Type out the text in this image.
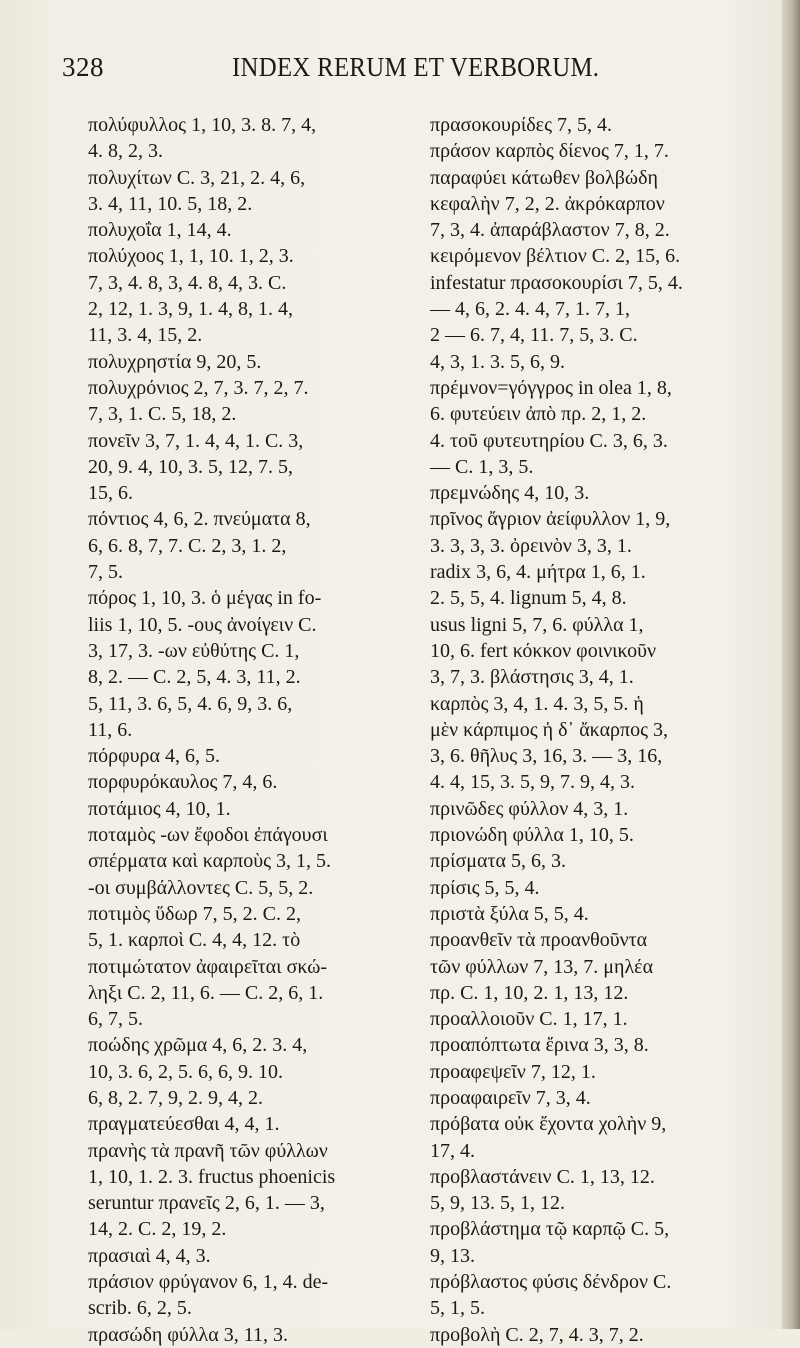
328	INDEX RERUM ET VERBORUM.
πολύφυλλος 1, 10, 3. 8. 7, 4,
4. 8, 2, 3.
πολυχίτων C. 3, 21, 2. 4, 6,
3. 4, 11, 10. 5, 18, 2.
πολυχοΐα 1, 14, 4.
πολύχοος 1, 1, 10. 1, 2, 3.
7, 3, 4. 8, 3, 4. 8, 4, 3. C.
2, 12, 1. 3, 9, 1. 4, 8, 1. 4,
11, 3. 4, 15, 2.
πολυχρηστία 9, 20, 5.
πολυχρόνιος 2, 7, 3. 7, 2, 7.
7, 3, 1. C. 5, 18, 2.
πονεῖν 3, 7, 1. 4, 4, 1. C. 3,
20, 9. 4, 10, 3. 5, 12, 7. 5,
15, 6.
πόντιος 4, 6, 2. πνεύματα 8,
6, 6. 8, 7, 7. C. 2, 3, 1. 2,
7, 5.
πόρος 1, 10, 3. ὁ μέγας in fo-
liis 1, 10, 5. -ους ἀνοίγειν C.
3, 17, 3. -ων εὐθύτης C. 1,
8, 2. — C. 2, 5, 4. 3, 11, 2.
5, 11, 3. 6, 5, 4. 6, 9, 3. 6,
11, 6.
πόρφυρα 4, 6, 5.
πορφυρόκαυλος 7, 4, 6.
ποτάμιος 4, 10, 1.
ποταμὸς -ων ἔφοδοι ἐπάγουσι
σπέρματα καὶ καρποὺς 3, 1, 5.
-οι συμβάλλοντες C. 5, 5, 2.
ποτιμὸς ὕδωρ 7, 5, 2. C. 2,
5, 1. καρποὶ C. 4, 4, 12. τὸ
ποτιμώτατον ἀφαιρεῖται σκώ-
ληξι C. 2, 11, 6. — C. 2, 6, 1.
6, 7, 5.
ποώδης χρῶμα 4, 6, 2. 3. 4,
10, 3. 6, 2, 5. 6, 6, 9. 10.
6, 8, 2. 7, 9, 2. 9, 4, 2.
πραγματεύεσθαι 4, 4, 1.
πρανὴς τὰ πρανῆ τῶν φύλλων
1, 10, 1. 2. 3. fructus phoenicis
seruntur πρανεῖς 2, 6, 1. — 3,
14, 2. C. 2, 19, 2.
πρασιαὶ 4, 4, 3.
πράσιον φρύγανον 6, 1, 4. de-
scrib. 6, 2, 5.
πρασώδη φύλλα 3, 11, 3.
πρασοκουρίδες 7, 5, 4.
πράσον καρπὸς δίενος 7, 1, 7.
παραφύει κάτωθεν βολβώδη
κεφαλὴν 7, 2, 2. ἀκρόκαρπον
7, 3, 4. ἀπαράβλαστον 7, 8, 2.
κειρόμενον βέλτιον C. 2, 15, 6.
infestatur πρασοκουρίσι 7, 5, 4.
— 4, 6, 2. 4. 4, 7, 1. 7, 1,
2 — 6. 7, 4, 11. 7, 5, 3. C.
4, 3, 1. 3. 5, 6, 9.
πρέμνον=γόγγρος in olea 1, 8,
6. φυτεύειν ἀπὸ πρ. 2, 1, 2.
4. τοῦ φυτευτηρίου C. 3, 6, 3.
— C. 1, 3, 5.
πρεμνώδης 4, 10, 3.
πρῖνος ἄγριον ἀείφυλλον 1, 9,
3. 3, 3, 3. ὀρεινὸν 3, 3, 1.
radix 3, 6, 4. μήτρα 1, 6, 1.
2. 5, 5, 4. lignum 5, 4, 8.
usus ligni 5, 7, 6. φύλλα 1,
10, 6. fert κόκκον φοινικοῦν
3, 7, 3. βλάστησις 3, 4, 1.
καρπὸς 3, 4, 1. 4. 3, 5, 5. ἡ
μὲν κάρπιμος ἡ δ᾽ ἄκαρπος 3,
3, 6. θῆλυς 3, 16, 3. — 3, 16,
4. 4, 15, 3. 5, 9, 7. 9, 4, 3.
πρινῶδες φύλλον 4, 3, 1.
πριονώδη φύλλα 1, 10, 5.
πρίσματα 5, 6, 3.
πρίσις 5, 5, 4.
πριστὰ ξύλα 5, 5, 4.
προανθεῖν τὰ προανθοῦντα
τῶν φύλλων 7, 13, 7. μηλέα
πρ. C. 1, 10, 2. 1, 13, 12.
προαλλοιοῦν C. 1, 17, 1.
προαπόπτωτα ἔρινα 3, 3, 8.
προαφεψεῖν 7, 12, 1.
προαφαιρεῖν 7, 3, 4.
πρόβατα οὐκ ἔχοντα χολὴν 9,
17, 4.
προβλαστάνειν C. 1, 13, 12.
5, 9, 13. 5, 1, 12.
προβλάστημα τῷ καρπῷ C. 5,
9, 13.
πρόβλαστος φύσις δένδρον C.
5, 1, 5.
προβολὴ C. 2, 7, 4. 3, 7, 2.
